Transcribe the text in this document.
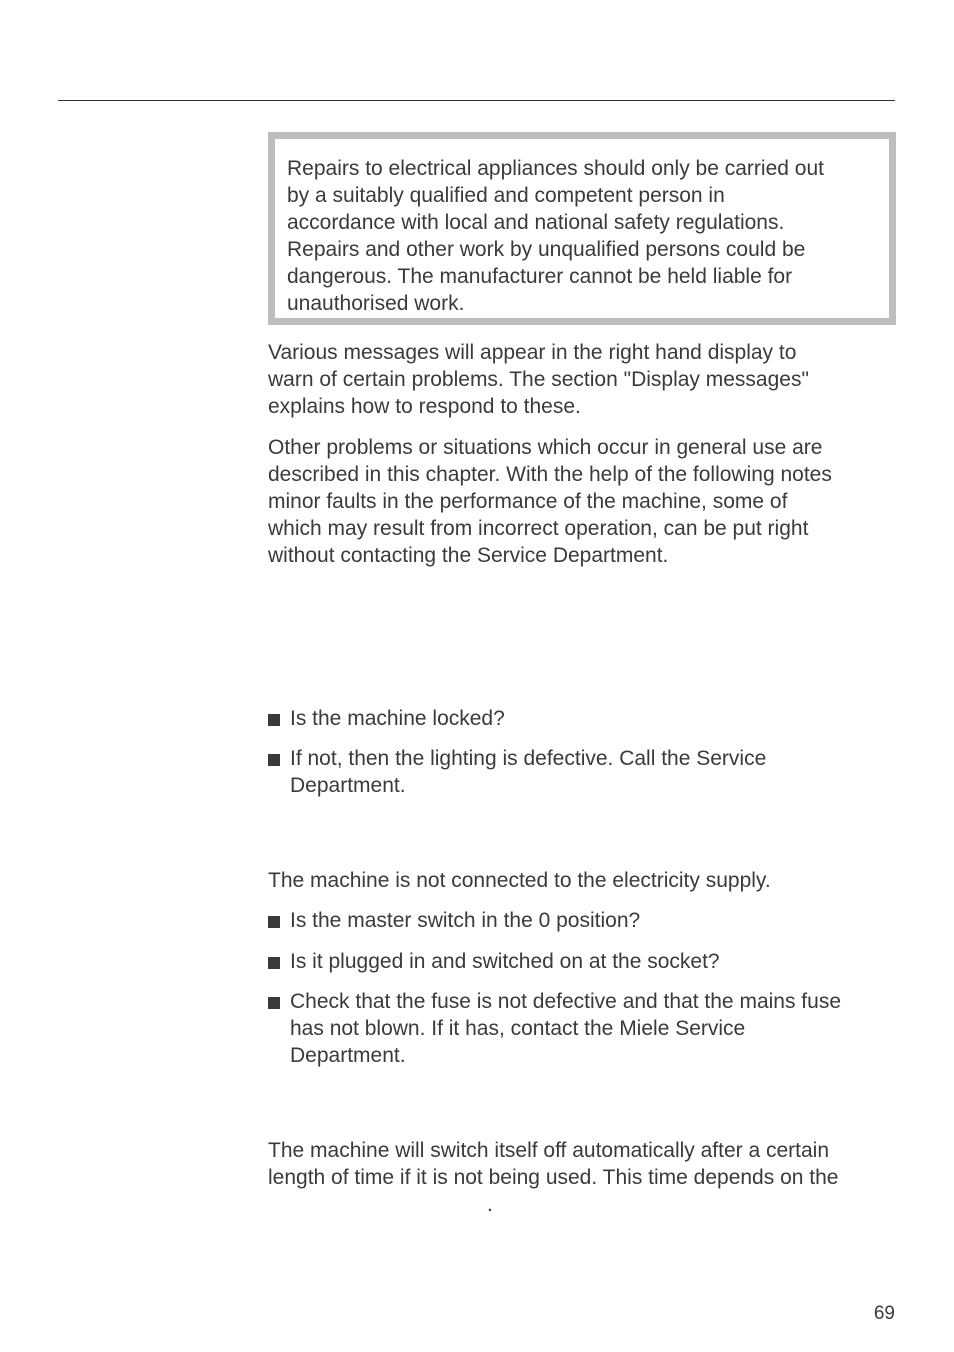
Repairs to electrical appliances should only be carried out
by a suitably qualified and competent person in
accordance with local and national safety regulations.
Repairs and other work by unqualified persons could be
dangerous. The manufacturer cannot be held liable for
unauthorised work.

Various messages will appear in the right hand display to
warn of certain problems. The section "Display messages"
explains how to respond to these.

Other problems or situations which occur in general use are
described in this chapter. With the help of the following notes
minor faults in the performance of the machine, some of
which may result from incorrect operation, can be put right
without contacting the Service Department.

Is the machine locked?
If not, then the lighting is defective. Call the Service
Department.

The machine is not connected to the electricity supply.

Is the master switch in the 0 position?
Is it plugged in and switched on at the socket?
Check that the fuse is not defective and that the mains fuse
has not blown. If it has, contact the Miele Service
Department.

The machine will switch itself off automatically after a certain
length of time if it is not being used. This time depends on the

.
69
